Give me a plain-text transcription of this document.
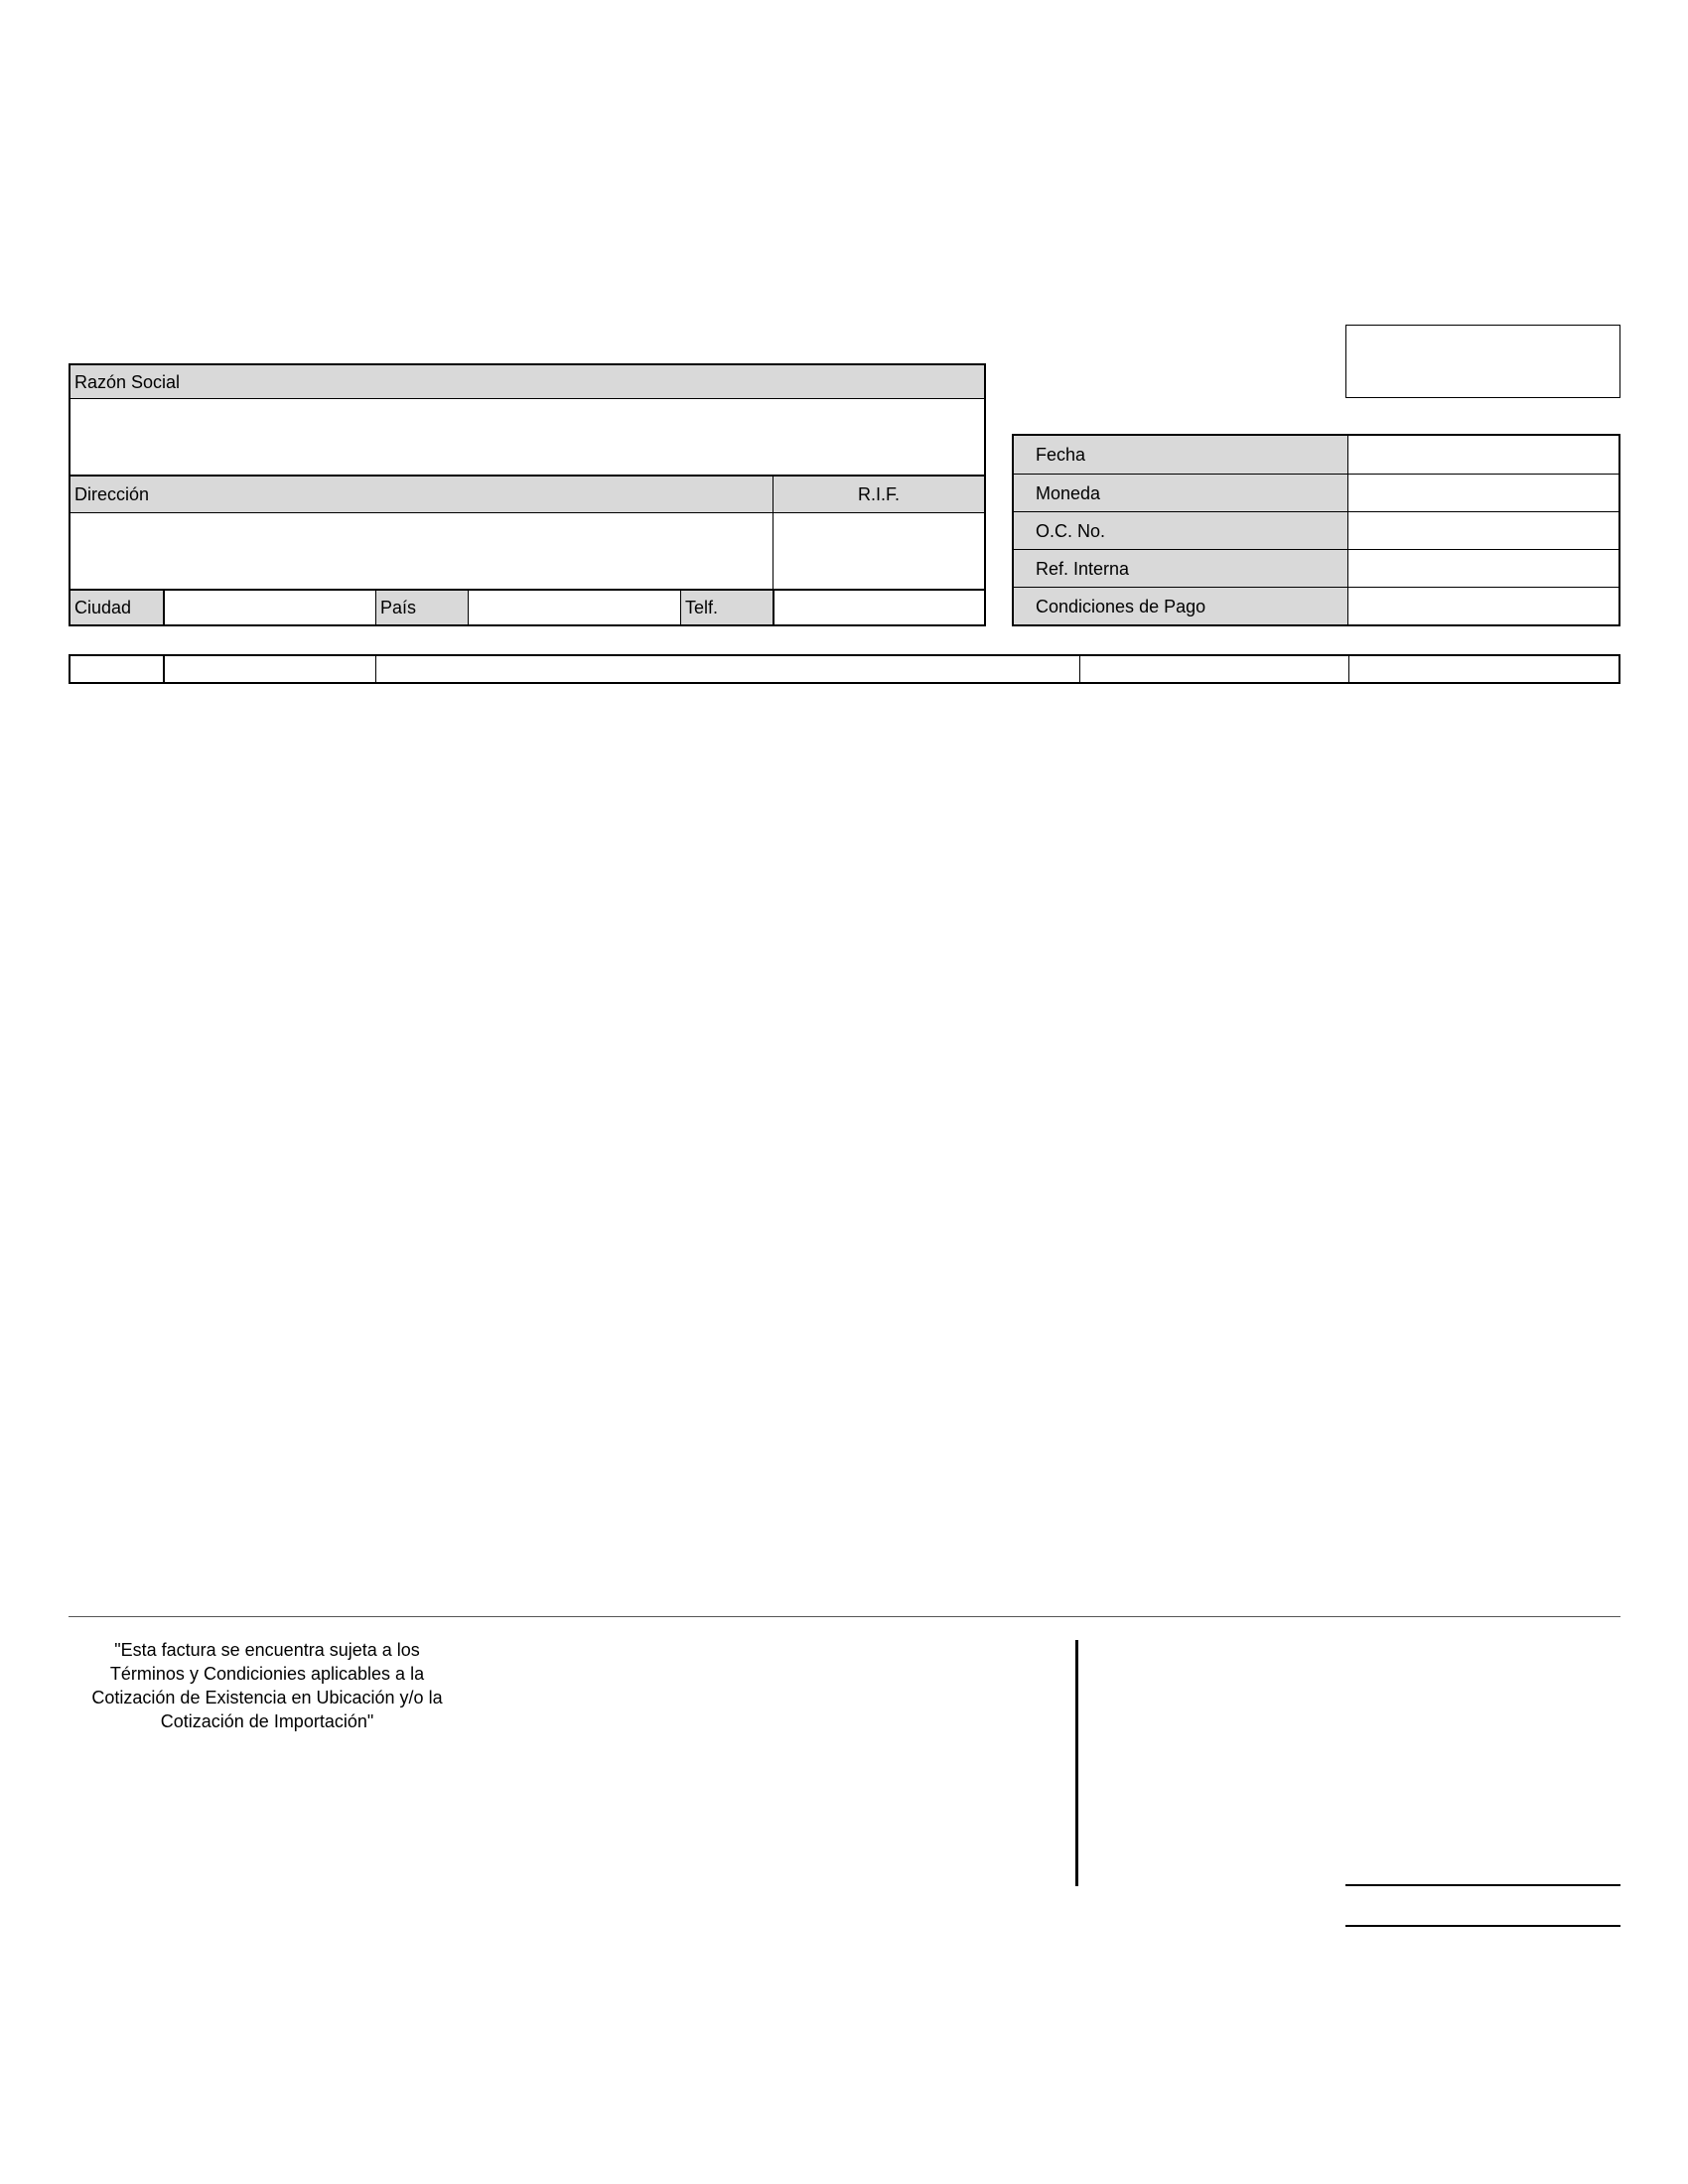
Razón Social
Dirección	R.I.F.
Ciudad	País	Telf.
Fecha
Moneda
O.C. No.
Ref. Interna
Condiciones de Pago
"Esta factura se encuentra sujeta a los
Términos y Condicionies aplicables a la
Cotización de Existencia en Ubicación y/o la
Cotización de Importación"
